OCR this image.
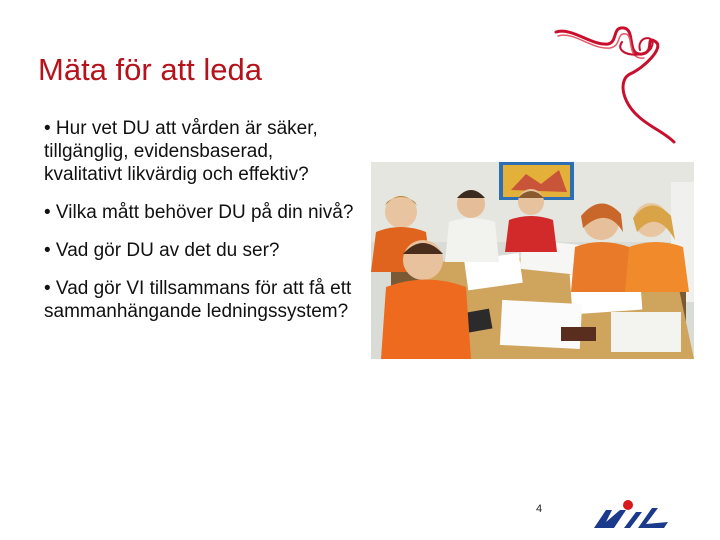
Mäta för att leda
• Hur vet DU att vården är säker, tillgänglig, evidensbaserad, kvalitativt likvärdig och effektiv?
• Vilka mått behöver DU på din nivå?
• Vad gör DU av det du ser?
• Vad gör VI tillsammans för att få ett sammanhängande ledningssystem?
4
